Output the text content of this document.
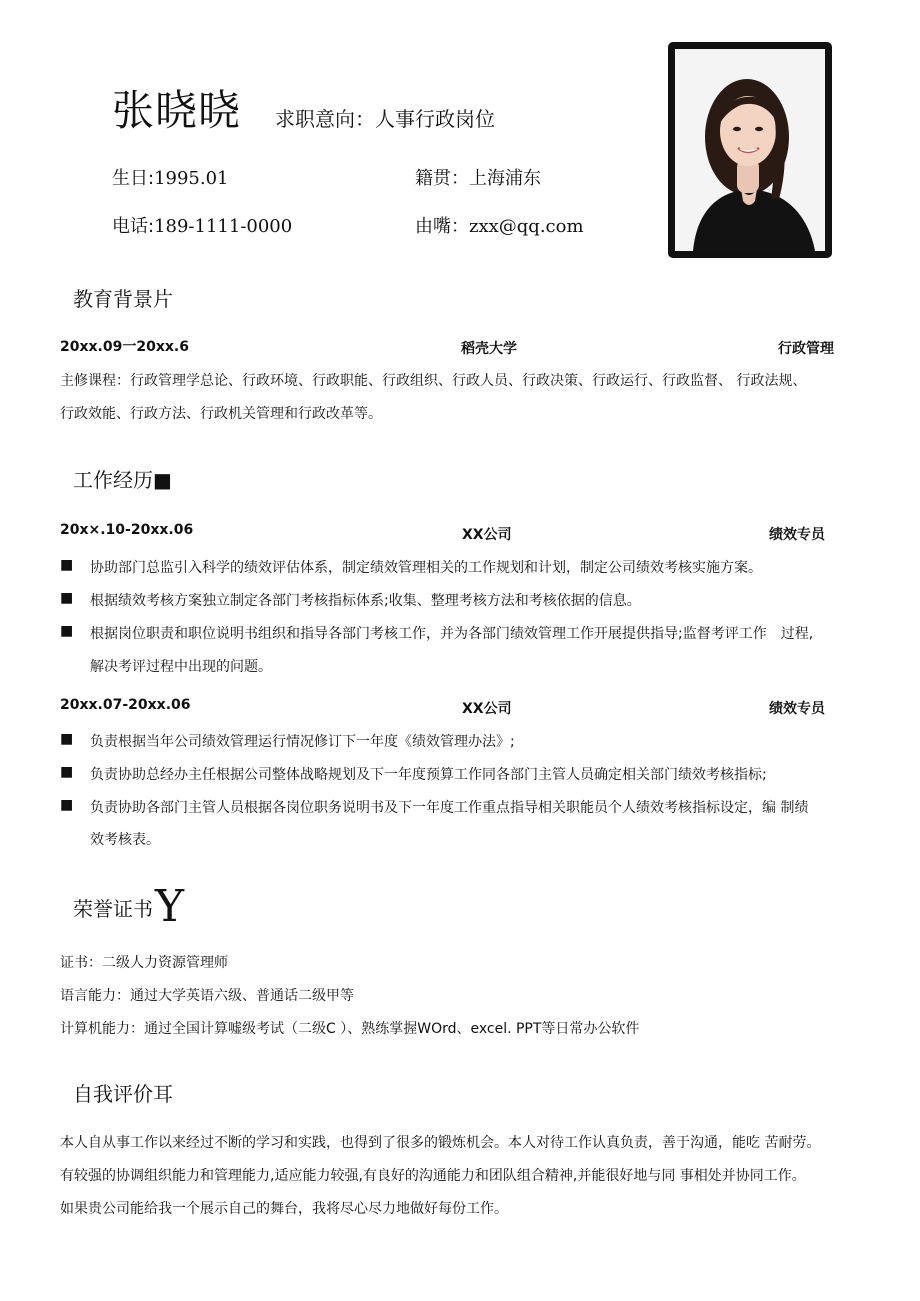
张晓晓 求职意向：人事行政岗位
生日:1995.01	籍贯：上海浦东
电话:189-1111-0000	由嘴：zxx@qq.com
教育背景片
20xx.09一20xx.6	稻壳大学	行政管理
主修课程：行政管理学总论、行政环境、行政职能、行政组织、行政人员、行政决策、行政运行、行政监督、 行政法规、
行政效能、行政方法、行政机关管理和行政改革等。
工作经历■
20x×.10-20xx.06	XX公司	绩效专员
■ 协助部门总监引入科学的绩效评估体系，制定绩效管理相关的工作规划和计划，制定公司绩效考核实施方案。
■ 根据绩效考核方案独立制定各部门考核指标体系;收集、整理考核方法和考核依据的信息。
■ 根据岗位职责和职位说明书组织和指导各部门考核工作，并为各部门绩效管理工作开展提供指导;监督考评工作　过程,
解决考评过程中出现的问题。
20xx.07-20xx.06	XX公司	绩效专员
■ 负责根据当年公司绩效管理运行情况修订下一年度《绩效管理办法》;
■ 负责协助总经办主任根据公司整体战略规划及下一年度预算工作同各部门主管人员确定相关部门绩效考核指标;
■ 负责协助各部门主管人员根据各岗位职务说明书及下一年度工作重点指导相关职能员个人绩效考核指标设定，编 制绩
效考核表。
荣誉证书Y
证书：二级人力资源管理师
语言能力：通过大学英语六级、普通话二级甲等
计算机能力：通过全国计算嘘级考试（二级C ）、熟练掌握WOrd、excel. PPT等日常办公软件
自我评价耳
本人自从事工作以来经过不断的学习和实践，也得到了很多的锻炼机会。本人对待工作认真负责，善于沟通，能吃 苦耐劳。
有较强的协调组织能力和管理能力,适应能力较强,有良好的沟通能力和团队组合精神,并能很好地与同 事相处并协同工作。
如果贵公司能给我一个展示自己的舞台，我将尽心尽力地做好每份工作。
